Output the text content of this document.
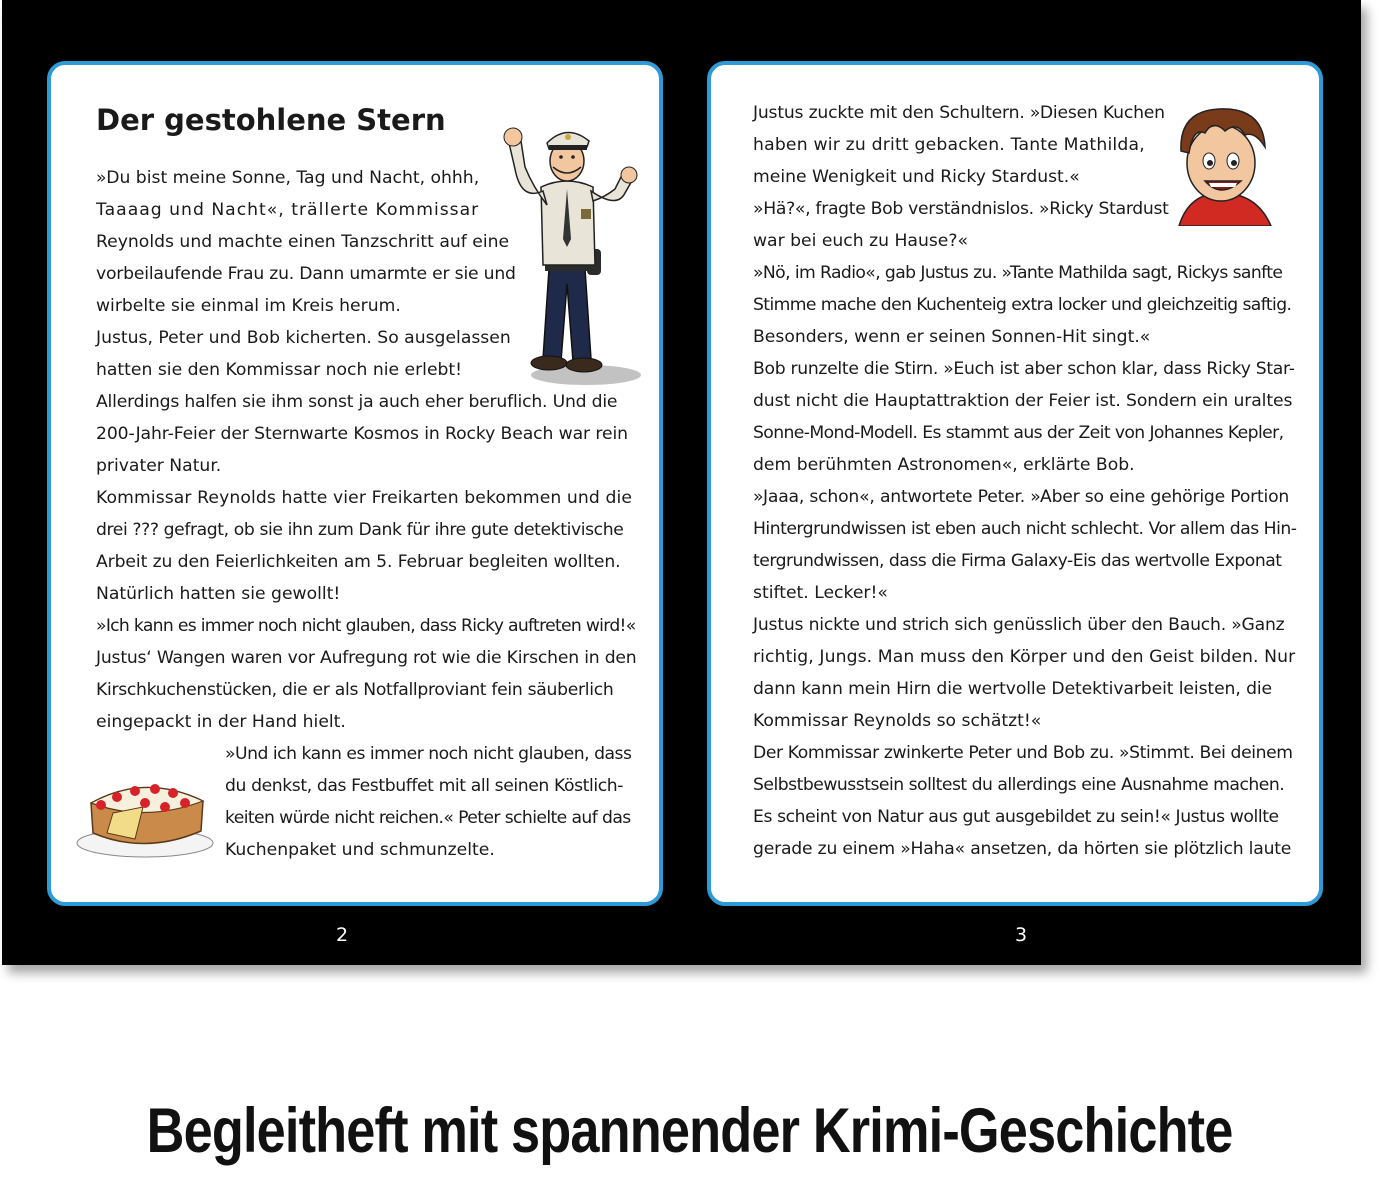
Der gestohlene Stern
»Du bist meine Sonne, Tag und Nacht, ohhh,
Taaaag und Nacht«, trällerte Kommissar
Reynolds und machte einen Tanzschritt auf eine
vorbeilaufende Frau zu. Dann umarmte er sie und
wirbelte sie einmal im Kreis herum.
Justus, Peter und Bob kicherten. So ausgelassen
hatten sie den Kommissar noch nie erlebt!
Allerdings halfen sie ihm sonst ja auch eher beruflich. Und die
200-Jahr-Feier der Sternwarte Kosmos in Rocky Beach war rein
privater Natur.
Kommissar Reynolds hatte vier Freikarten bekommen und die
drei ??? gefragt, ob sie ihn zum Dank für ihre gute detektivische
Arbeit zu den Feierlichkeiten am 5. Februar begleiten wollten.
Natürlich hatten sie gewollt!
»Ich kann es immer noch nicht glauben, dass Ricky auftreten wird!«
Justus‘ Wangen waren vor Aufregung rot wie die Kirschen in den
Kirschkuchenstücken, die er als Notfallproviant fein säuberlich
eingepackt in der Hand hielt.
»Und ich kann es immer noch nicht glauben, dass
du denkst, das Festbuffet mit all seinen Köstlich-
keiten würde nicht reichen.« Peter schielte auf das
Kuchenpaket und schmunzelte.
Justus zuckte mit den Schultern. »Diesen Kuchen
haben wir zu dritt gebacken. Tante Mathilda,
meine Wenigkeit und Ricky Stardust.«
»Hä?«, fragte Bob verständnislos. »Ricky Stardust
war bei euch zu Hause?«
»Nö, im Radio«, gab Justus zu. »Tante Mathilda sagt, Rickys sanfte
Stimme mache den Kuchenteig extra locker und gleichzeitig saftig.
Besonders, wenn er seinen Sonnen-Hit singt.«
Bob runzelte die Stirn. »Euch ist aber schon klar, dass Ricky Star-
dust nicht die Hauptattraktion der Feier ist. Sondern ein uraltes
Sonne-Mond-Modell. Es stammt aus der Zeit von Johannes Kepler,
dem berühmten Astronomen«, erklärte Bob.
»Jaaa, schon«, antwortete Peter. »Aber so eine gehörige Portion
Hintergrundwissen ist eben auch nicht schlecht. Vor allem das Hin-
tergrundwissen, dass die Firma Galaxy-Eis das wertvolle Exponat
stiftet. Lecker!«
Justus nickte und strich sich genüsslich über den Bauch. »Ganz
richtig, Jungs. Man muss den Körper und den Geist bilden. Nur
dann kann mein Hirn die wertvolle Detektivarbeit leisten, die
Kommissar Reynolds so schätzt!«
Der Kommissar zwinkerte Peter und Bob zu. »Stimmt. Bei deinem
Selbstbewusstsein solltest du allerdings eine Ausnahme machen.
Es scheint von Natur aus gut ausgebildet zu sein!« Justus wollte
gerade zu einem »Haha« ansetzen, da hörten sie plötzlich laute
2	3
Begleitheft mit spannender Krimi-Geschichte
